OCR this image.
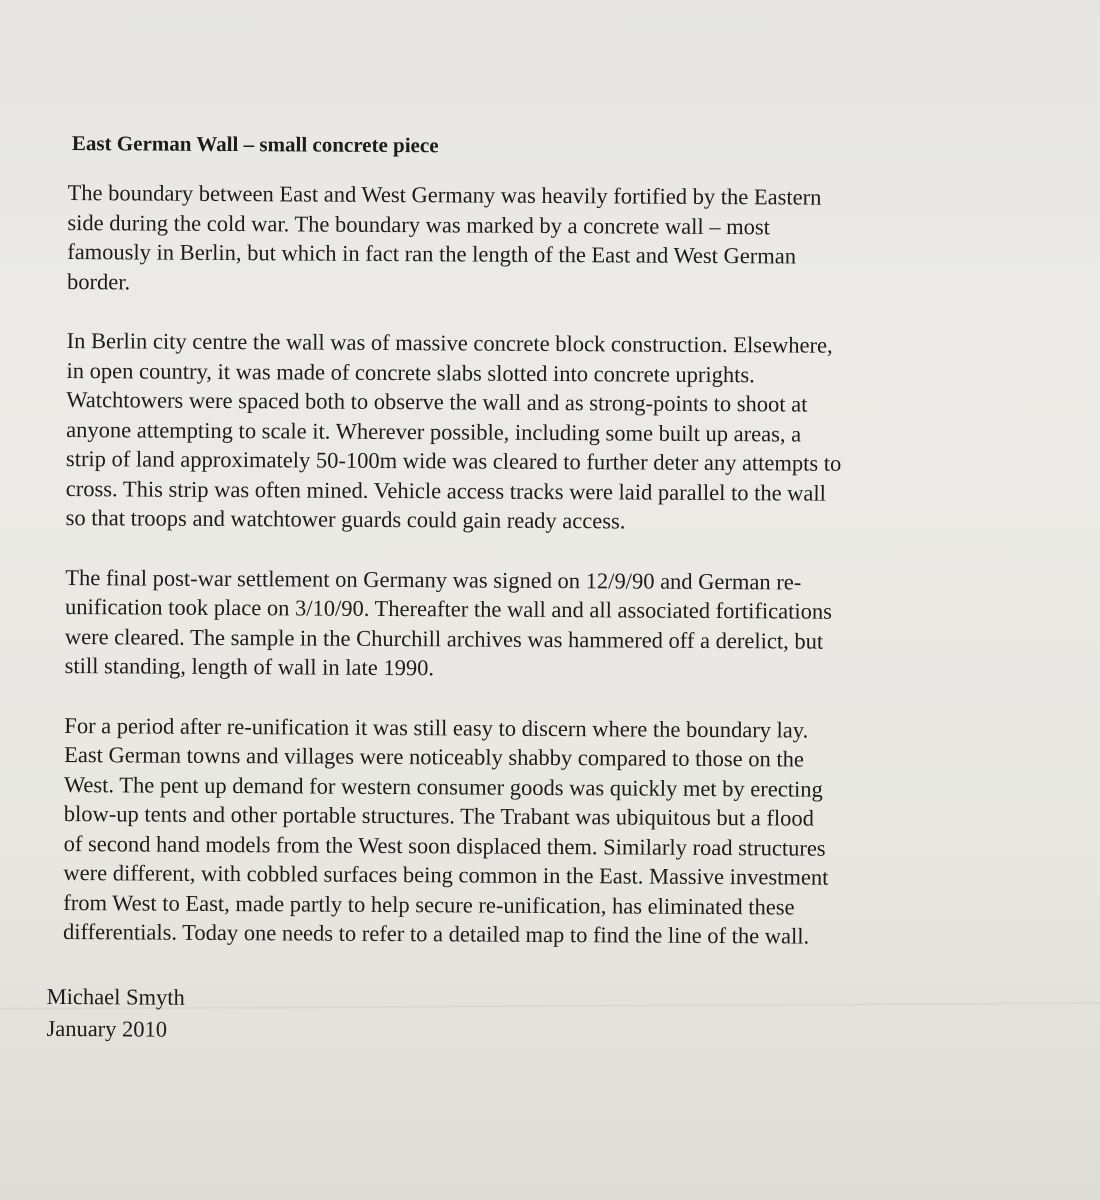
East German Wall – small concrete piece
The boundary between East and West Germany was heavily fortified by the Eastern
side during the cold war. The boundary was marked by a concrete wall – most
famously in Berlin, but which in fact ran the length of the East and West German
border.
In Berlin city centre the wall was of massive concrete block construction. Elsewhere,
in open country, it was made of concrete slabs slotted into concrete uprights.
Watchtowers were spaced both to observe the wall and as strong-points to shoot at
anyone attempting to scale it. Wherever possible, including some built up areas, a
strip of land approximately 50-100m wide was cleared to further deter any attempts to
cross. This strip was often mined. Vehicle access tracks were laid parallel to the wall
so that troops and watchtower guards could gain ready access.
The final post-war settlement on Germany was signed on 12/9/90 and German re-
unification took place on 3/10/90. Thereafter the wall and all associated fortifications
were cleared. The sample in the Churchill archives was hammered off a derelict, but
still standing, length of wall in late 1990.
For a period after re-unification it was still easy to discern where the boundary lay.
East German towns and villages were noticeably shabby compared to those on the
West. The pent up demand for western consumer goods was quickly met by erecting
blow-up tents and other portable structures. The Trabant was ubiquitous but a flood
of second hand models from the West soon displaced them. Similarly road structures
were different, with cobbled surfaces being common in the East. Massive investment
from West to East, made partly to help secure re-unification, has eliminated these
differentials. Today one needs to refer to a detailed map to find the line of the wall.
Michael Smyth
January 2010
